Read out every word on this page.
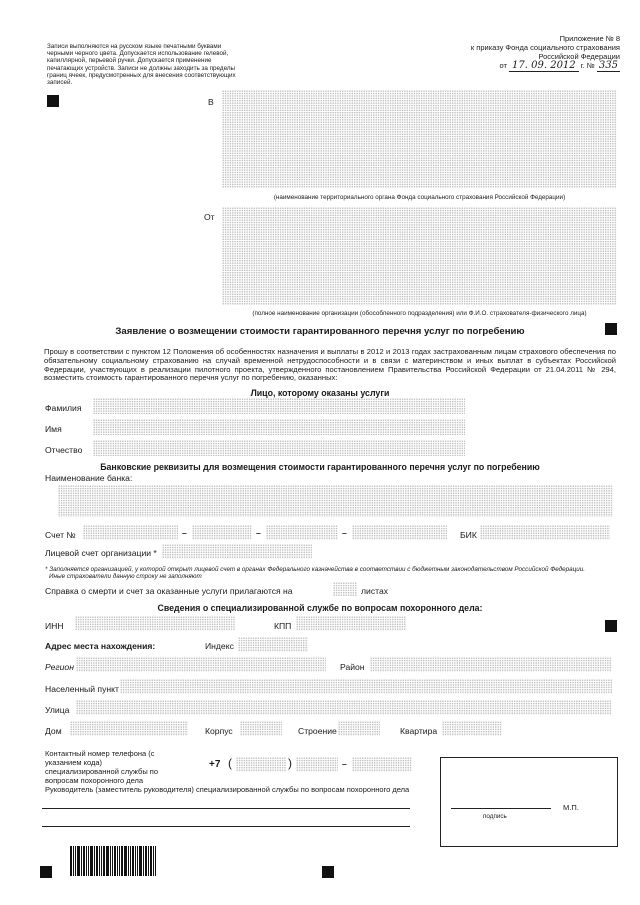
Записи выполняются на русском языке печатными буквами черными черного цвета. Допускается использование гелевой, капиллярной, перьевой ручки. Допускается применение печатающих устройств. Записи не должны заходить за пределы границ ячеек, предусмотренных для внесения соответствующих записей.
Приложение № 8
к приказу Фонда социального страхования
Российской Федерации
от 17. 09. 2012 г. № 335
В
(наименование территориального органа Фонда социального страхования Российской Федерации)
От
(полное наименование организации (обособленного подразделения) или Ф.И.О. страхователя-физического лица)
Заявление о возмещении стоимости гарантированного перечня услуг по погребению
Прошу в соответствии с пунктом 12 Положения об особенностях назначения и выплаты в 2012 и 2013 годах застрахованным лицам страхового обеспечения по обязательному социальному страхованию на случай временной нетрудоспособности и в связи с материнством и иных выплат в субъектах Российской Федерации, участвующих в реализации пилотного проекта, утвержденного постановлением Правительства Российской Федерации от 21.04.2011 № 294, возместить стоимость гарантированного перечня услуг по погребению, оказанных:
Лицо, которому оказаны услуги
Фамилия
Имя
Отчество
Банковские реквизиты для возмещения стоимости гарантированного перечня услуг по погребению
Наименование банка:
Счет №	–	–	–	БИК
Лицевой счет организации *
* Заполняется организацией, у которой открыт лицевой счет в органах Федерального казначейства в соответствии с бюджетным законодательством Российской Федерации.
Иные страхователи данную строку не заполняют
Справка о смерти и счет за оказанные услуги прилагаются на	листах
Сведения о специализированной службе по вопросам похоронного дела:
ИНН	КПП
Адрес места нахождения:	Индекс
Регион	Район
Населенный пункт
Улица
Дом	Корпус	Строение	Квартира
Контактный номер телефона (с указанием кода) специализированной службы по вопросам похоронного дела
+7 (	)	–
Руководитель (заместитель руководителя) специализированной службы по вопросам похоронного дела
подпись
М.П.
